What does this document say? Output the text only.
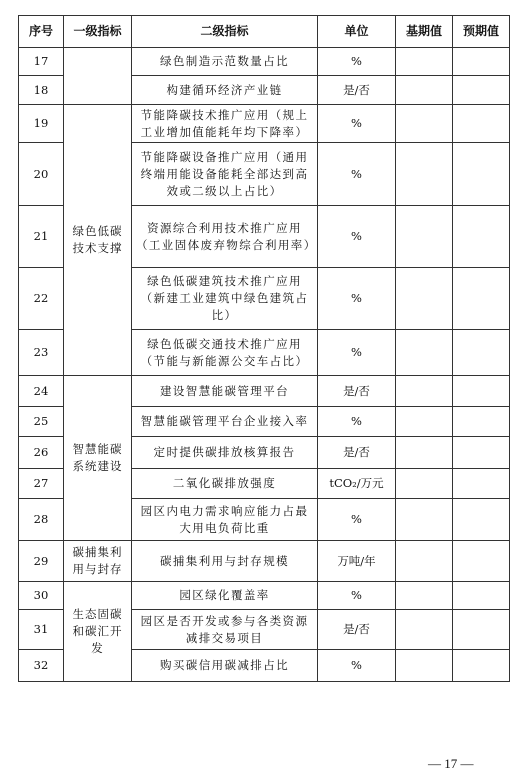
序号	一级指标	二级指标	单位	基期值	预期值
17		绿色制造示范数量占比	%		
18		构建循环经济产业链	是/否		
19	绿色低碳技术支撑	节能降碳技术推广应用（规上工业增加值能耗年均下降率）	%		
20		节能降碳设备推广应用（通用终端用能设备能耗全部达到高效或二级以上占比）	%		
21		资源综合利用技术推广应用（工业固体废弃物综合利用率）	%		
22		绿色低碳建筑技术推广应用（新建工业建筑中绿色建筑占比）	%		
23		绿色低碳交通技术推广应用（节能与新能源公交车占比）	%		
24	智慧能碳系统建设	建设智慧能碳管理平台	是/否		
25		智慧能碳管理平台企业接入率	%		
26		定时提供碳排放核算报告	是/否		
27		二氧化碳排放强度	tCO₂/万元		
28		园区内电力需求响应能力占最大用电负荷比重	%		
29	碳捕集利用与封存	碳捕集利用与封存规模	万吨/年		
30	生态固碳和碳汇开发	园区绿化覆盖率	%		
31		园区是否开发或参与各类资源减排交易项目	是/否		
32		购买碳信用碳减排占比	%		
— 17 —
